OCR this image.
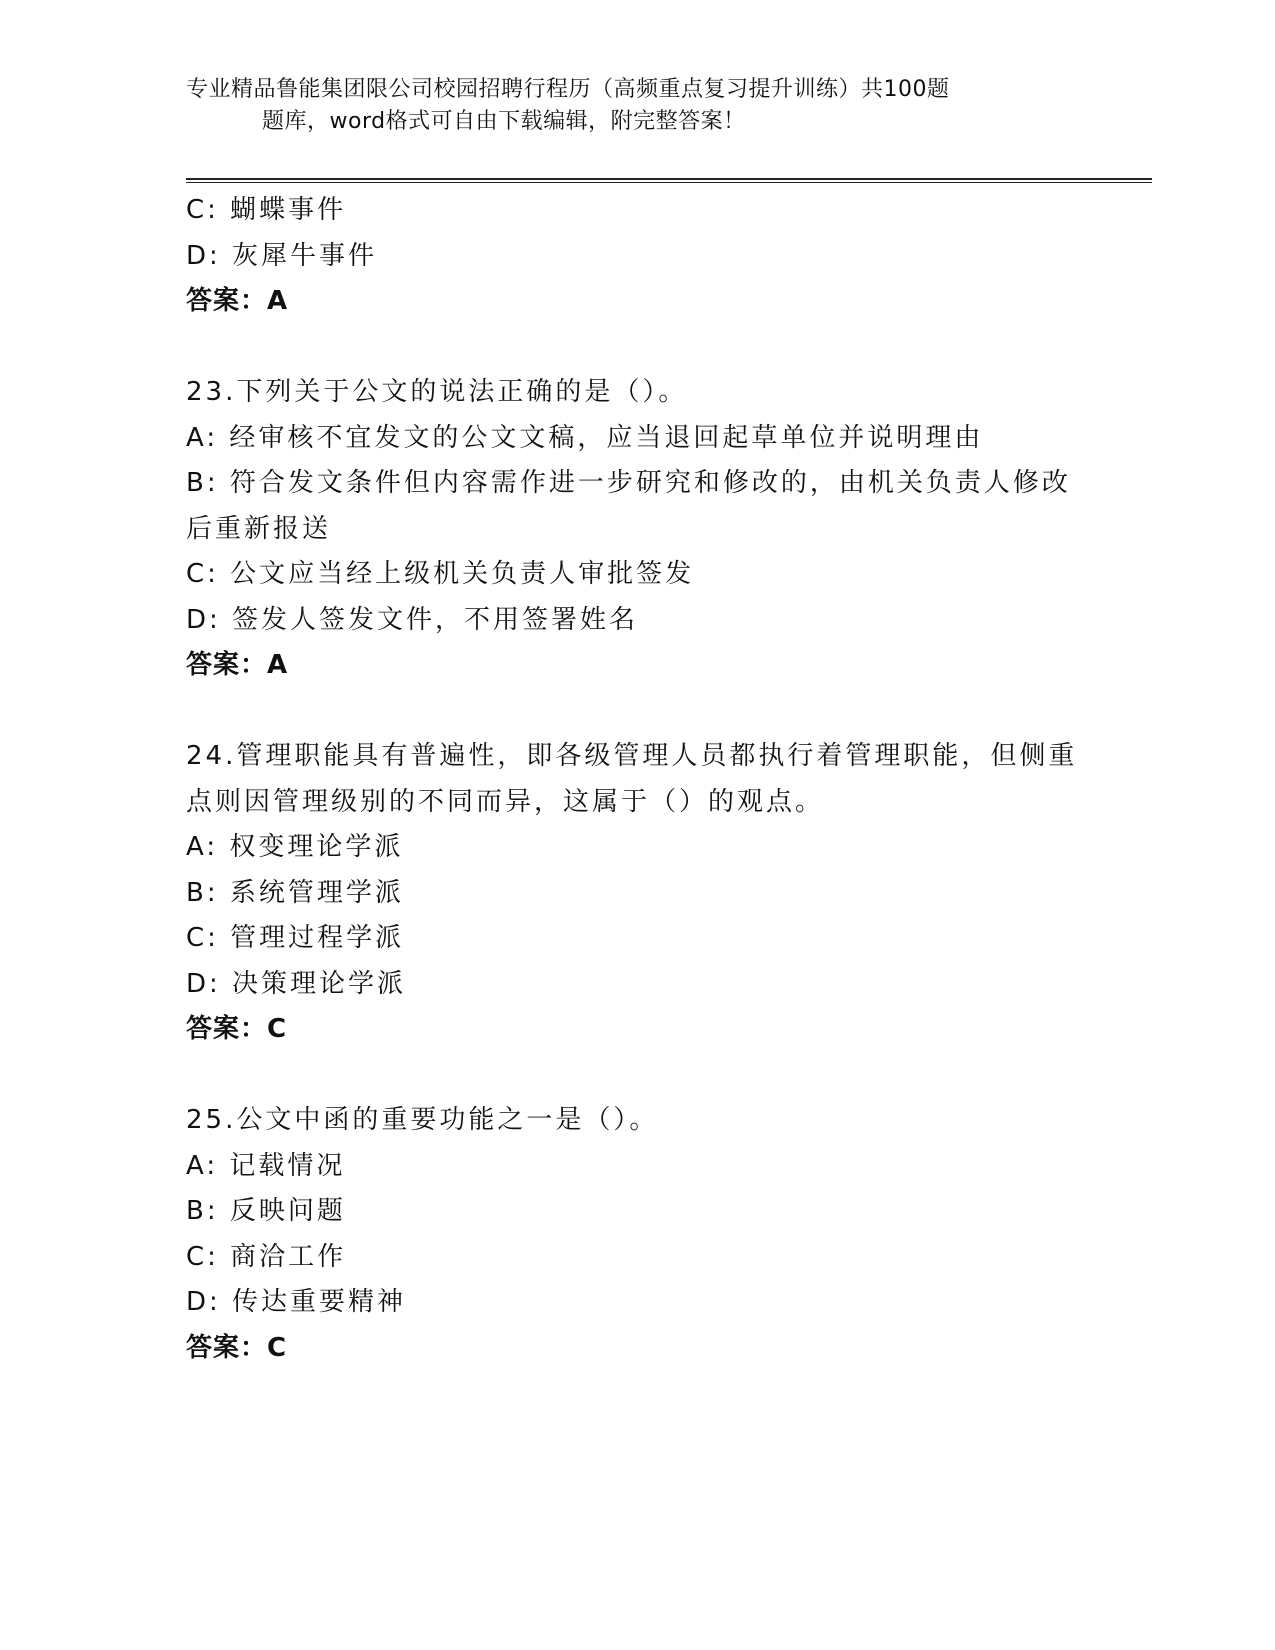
专业精品鲁能集团限公司校园招聘行程历（高频重点复习提升训练）共100题
题库，word格式可自由下载编辑，附完整答案！
C: 蝴蝶事件
D: 灰犀牛事件
答案：A
23.下列关于公文的说法正确的是（）。
A: 经审核不宜发文的公文文稿，应当退回起草单位并说明理由
B: 符合发文条件但内容需作进一步研究和修改的，由机关负责人修改
后重新报送
C: 公文应当经上级机关负责人审批签发
D: 签发人签发文件，不用签署姓名
答案：A
24.管理职能具有普遍性，即各级管理人员都执行着管理职能，但侧重
点则因管理级别的不同而异，这属于（）的观点。
A: 权变理论学派
B: 系统管理学派
C: 管理过程学派
D: 决策理论学派
答案：C
25.公文中函的重要功能之一是（）。
A: 记载情况
B: 反映问题
C: 商洽工作
D: 传达重要精神
答案：C
